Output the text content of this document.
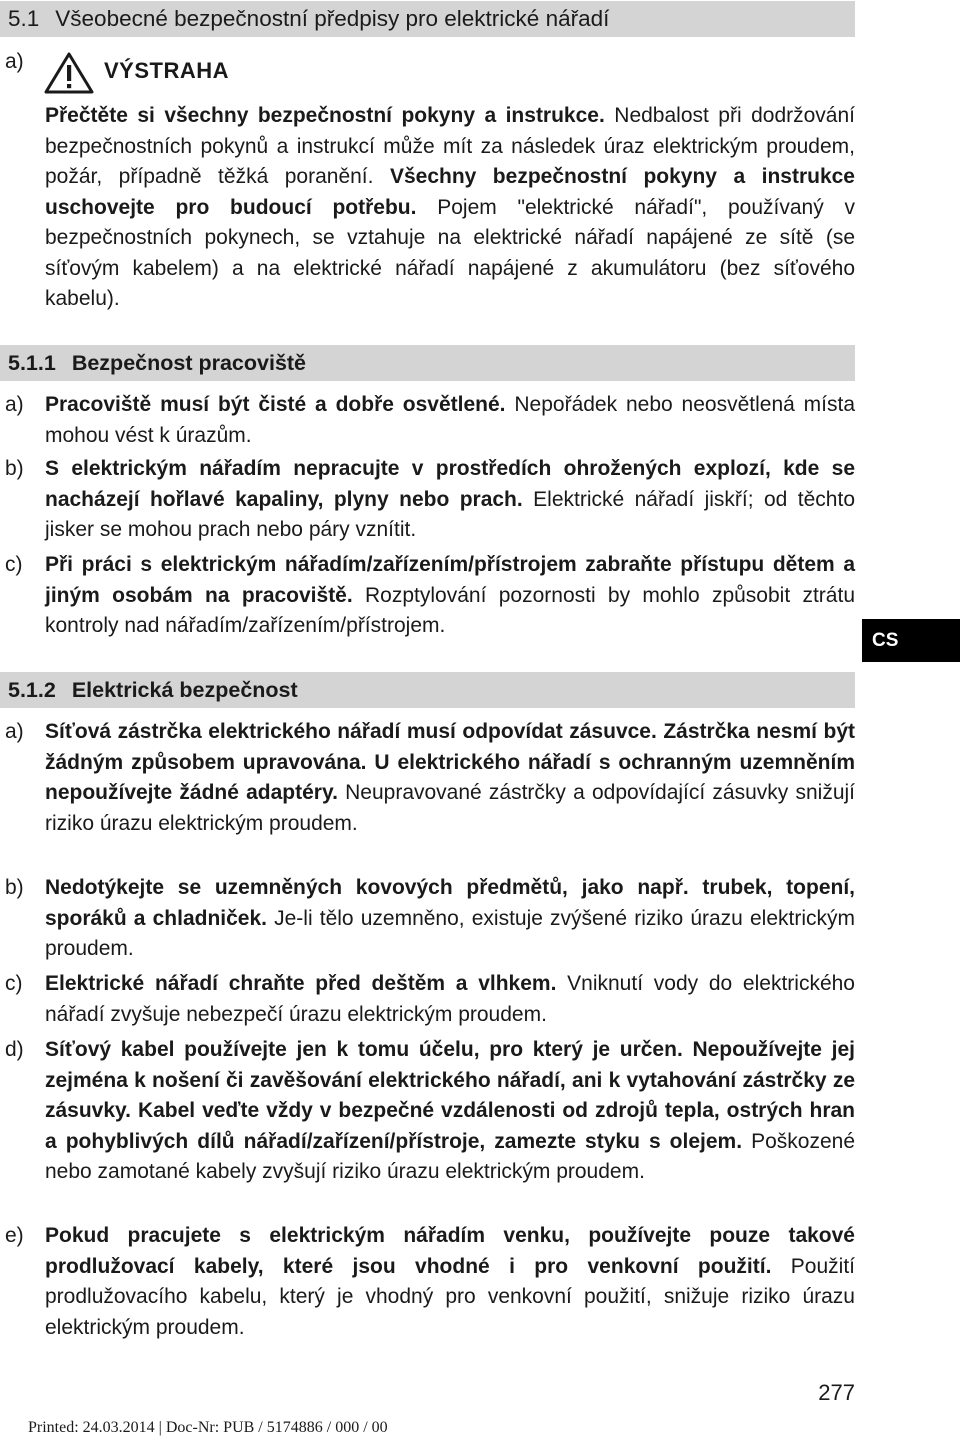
5.1 Všeobecné bezpečnostní předpisy pro elektrické nářadí
a)	VÝSTRAHA
Přečtěte si všechny bezpečnostní pokyny a instrukce. Nedbalost při dodržování bezpečnostních pokynů a instrukcí může mít za následek úraz elektrickým proudem, požár, případně těžká poranění. Všechny bezpečnostní pokyny a instrukce uschovejte pro budoucí potřebu. Pojem "elektrické nářadí", používaný v bezpečnostních pokynech, se vztahuje na elektrické nářadí napájené ze sítě (se síťovým kabelem) a na elektrické nářadí napájené z akumulátoru (bez síťového kabelu).
5.1.1 Bezpečnost pracoviště
a) Pracoviště musí být čisté a dobře osvětlené. Nepořádek nebo neosvětlená místa mohou vést k úrazům.
b) S elektrickým nářadím nepracujte v prostředích ohrožených explozí, kde se nacházejí hořlavé kapaliny, plyny nebo prach. Elektrické nářadí jiskří; od těchto jisker se mohou prach nebo páry vznítit.
c) Při práci s elektrickým nářadím/zařízením/přístrojem zabraňte přístupu dětem a jiným osobám na pracoviště. Rozptylování pozornosti by mohlo způsobit ztrátu kontroly nad nářadím/zařízením/přístrojem.
CS
5.1.2 Elektrická bezpečnost
a) Síťová zástrčka elektrického nářadí musí odpovídat zásuvce. Zástrčka nesmí být žádným způsobem upravována. U elektrického nářadí s ochranným uzemněním nepoužívejte žádné adaptéry. Neupravované zástrčky a odpovídající zásuvky snižují riziko úrazu elektrickým proudem.
b) Nedotýkejte se uzemněných kovových předmětů, jako např. trubek, topení, sporáků a chladniček. Je-li tělo uzemněno, existuje zvýšené riziko úrazu elektrickým proudem.
c) Elektrické nářadí chraňte před deštěm a vlhkem. Vniknutí vody do elektrického nářadí zvyšuje nebezpečí úrazu elektrickým proudem.
d) Síťový kabel používejte jen k tomu účelu, pro který je určen. Nepoužívejte jej zejména k nošení či zavěšování elektrického nářadí, ani k vytahování zástrčky ze zásuvky. Kabel veďte vždy v bezpečné vzdálenosti od zdrojů tepla, ostrých hran a pohyblivých dílů nářadí/zařízení/přístroje, zamezte styku s olejem. Poškozené nebo zamotané kabely zvyšují riziko úrazu elektrickým proudem.
e) Pokud pracujete s elektrickým nářadím venku, používejte pouze takové prodlužovací kabely, které jsou vhodné i pro venkovní použití. Použití prodlužovacího kabelu, který je vhodný pro venkovní použití, snižuje riziko úrazu elektrickým proudem.
277
Printed: 24.03.2014 | Doc-Nr: PUB / 5174886 / 000 / 00
